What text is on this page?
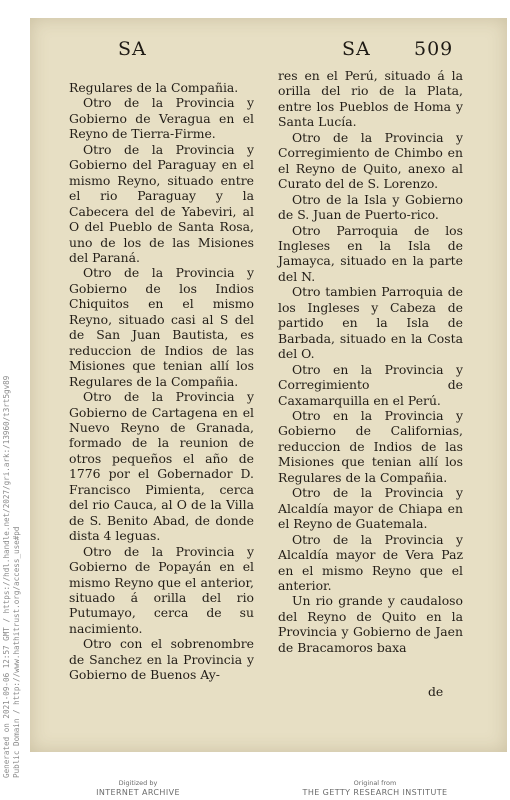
SA	SA 509

Regulares de la Compañia.

Otro de la Provincia y Gobierno de Veragua en el Reyno de Tierra-Firme.

Otro de la Provincia y Gobierno del Paraguay en el mismo Reyno, situado entre el rio Paraguay y la Cabecera del de Yabeviri, al O del Pueblo de Santa Rosa, uno de los de las Misiones del Paraná.

Otro de la Provincia y Gobierno de los Indios Chiquitos en el mismo Reyno, situado casi al S del de San Juan Bautista, es reduccion de Indios de las Misiones que tenian allí los Regulares de la Compañia.

Otro de la Provincia y Gobierno de Cartagena en el Nuevo Reyno de Granada, formado de la reunion de otros pequeños el año de 1776 por el Gobernador D. Francisco Pimienta, cerca del rio Cauca, al O de la Villa de S. Benito Abad, de donde dista 4 leguas.

Otro de la Provincia y Gobierno de Popayán en el mismo Reyno que el anterior, situado á orilla del rio Putumayo, cerca de su nacimiento.

Otro con el sobrenombre de Sanchez en la Provincia y Gobierno de Buenos Ay-

res en el Perú, situado á la orilla del rio de la Plata, entre los Pueblos de Homa y Santa Lucía.

Otro de la Provincia y Corregimiento de Chimbo en el Reyno de Quito, anexo al Curato del de S. Lorenzo.

Otro de la Isla y Gobierno de S. Juan de Puerto-rico.

Otro Parroquia de los Ingleses en la Isla de Jamayca, situado en la parte del N.

Otro tambien Parroquia de los Ingleses y Cabeza de partido en la Isla de Barbada, situado en la Costa del O.

Otro en la Provincia y Corregimiento de Caxamarquilla en el Perú.

Otro en la Provincia y Gobierno de Californias, reduccion de Indios de las Misiones que tenian allí los Regulares de la Compañia.

Otro de la Provincia y Alcaldía mayor de Chiapa en el Reyno de Guatemala.

Otro de la Provincia y Alcaldía mayor de Vera Paz en el mismo Reyno que el anterior.

Un rio grande y caudaloso del Reyno de Quito en la Provincia y Gobierno de Jaen de Bracamoros baxa

de
Generated on 2021-09-06 12:57 GMT / https://hdl.handle.net/2027/gri.ark:/13960/t3rt5gv89 Public Domain / http://www.hathitrust.org/access_use#pd
Digitized by
INTERNET ARCHIVE
Original from
THE GETTY RESEARCH INSTITUTE
